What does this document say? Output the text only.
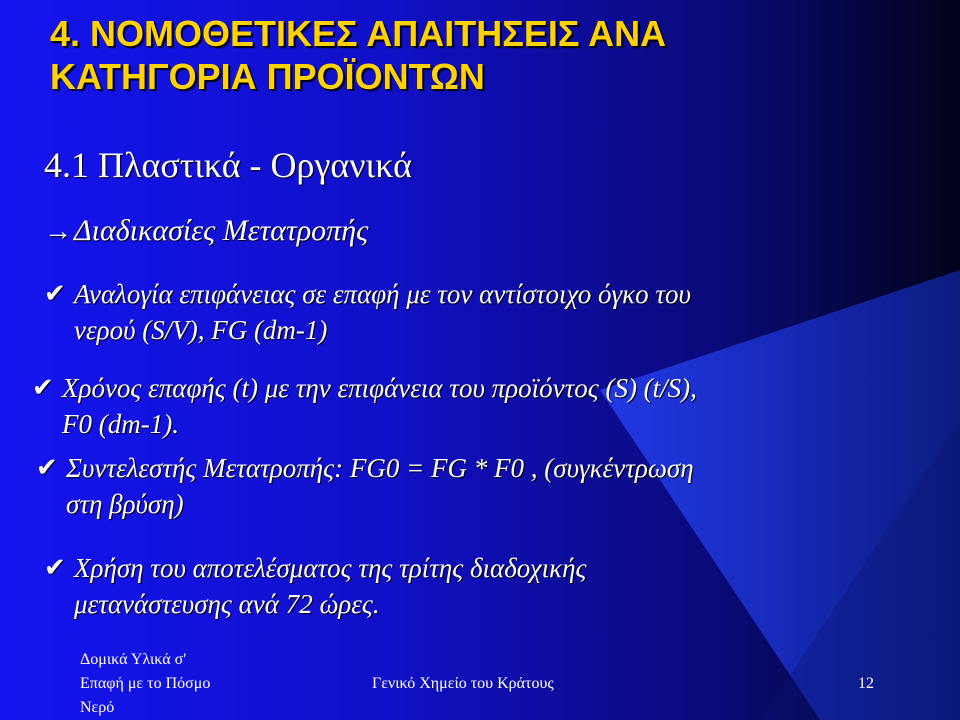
4. ΝΟΜΟΘΕΤΙΚΕΣ ΑΠΑΙΤΗΣΕΙΣ ΑΝΑ
ΚΑΤΗΓΟΡΙΑ ΠΡΟΪΟΝΤΩΝ
4.1 Πλαστικά - Οργανικά
→Διαδικασίες Μετατροπής
✔ Αναλογία επιφάνειας σε επαφή με τον αντίστοιχο όγκο του
νερού (S/V), FG (dm-1)
✔ Χρόνος επαφής (t) με την επιφάνεια του προϊόντος (S) (t/S),
F0 (dm-1).
✔ Συντελεστής Μετατροπής: FG0 = FG * F0 , (συγκέντρωση
στη βρύση)
✔ Χρήση του αποτελέσματος της τρίτης διαδοχικής
μετανάστευσης ανά 72 ώρες.
Δομικά Υλικά σ'
Επαφή με το Πόσμο
Νερό
Γενικό Χημείο του Κράτους	12
